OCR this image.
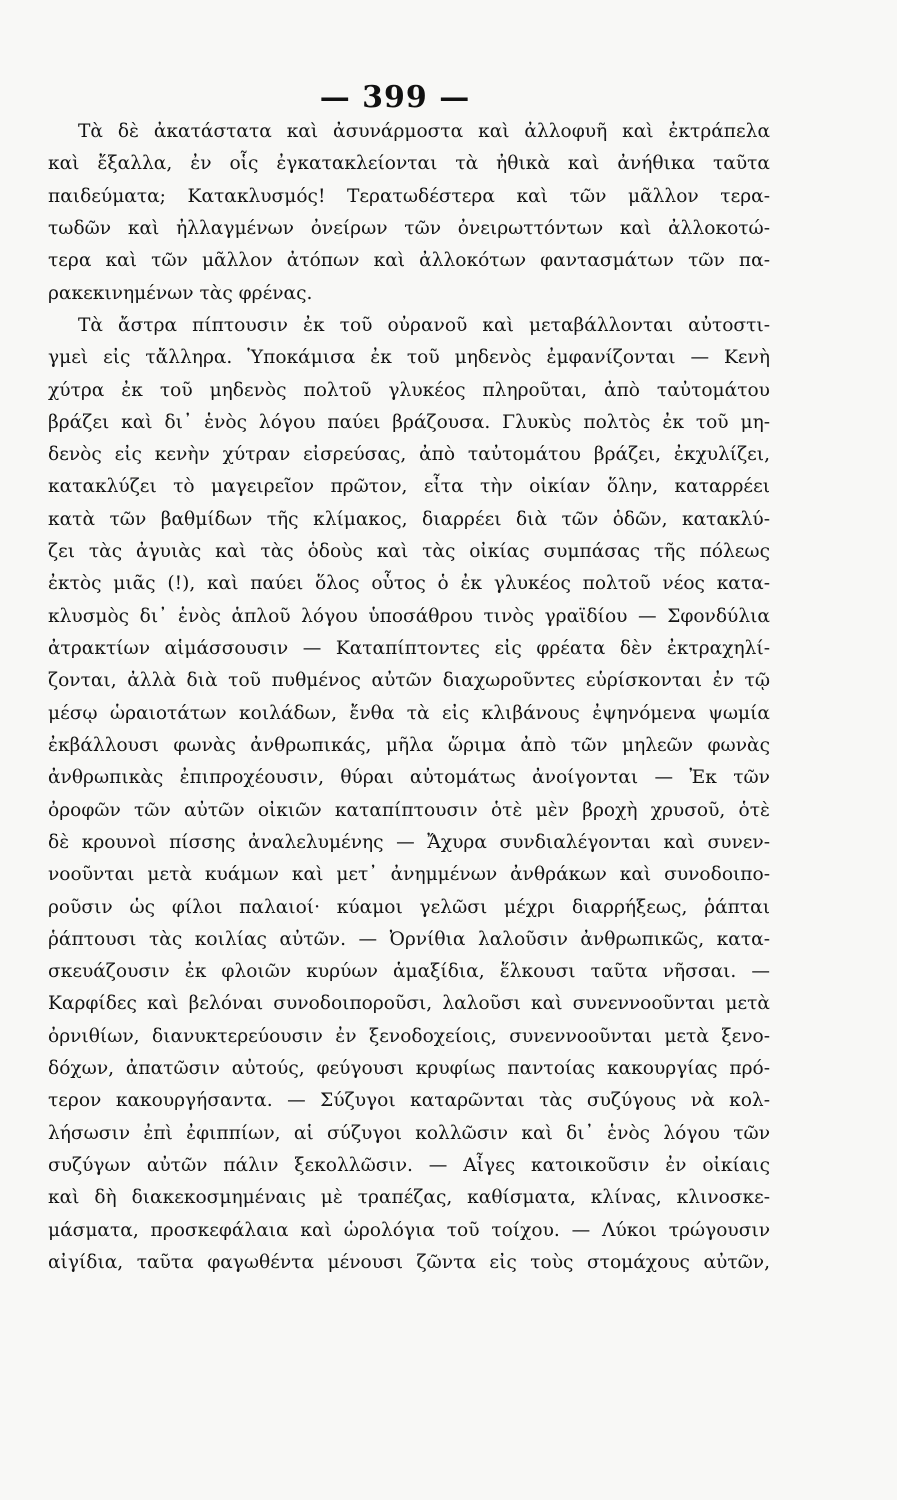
— 399 —
Τὰ δὲ ἀκατάστατα καὶ ἀσυνάρμοστα καὶ ἀλλοφυῆ καὶ ἐκτράπελα
καὶ ἔξαλλα, ἐν οἷς ἐγκατακλείονται τὰ ἠθικὰ καὶ ἀνήθικα ταῦτα
παιδεύματα; Κατακλυσμός! Τερατωδέστερα καὶ τῶν μᾶλλον τερα-
τωδῶν καὶ ἠλλαγμένων ὀνείρων τῶν ὀνειρωττόντων καὶ ἀλλοκοτώ-
τερα καὶ τῶν μᾶλλον ἀτόπων καὶ ἀλλοκότων φαντασμάτων τῶν πα-
ρακεκινημένων τὰς φρένας.
Τὰ ἄστρα πίπτουσιν ἐκ τοῦ οὐρανοῦ καὶ μεταβάλλονται αὐτοστι-
γμεὶ εἰς τἄλληρα. Ὑποκάμισα ἐκ τοῦ μηδενὸς ἐμφανίζονται — Κενὴ
χύτρα ἐκ τοῦ μηδενὸς πολτοῦ γλυκέος πληροῦται, ἀπὸ ταὐτομάτου
βράζει καὶ δι᾽ ἑνὸς λόγου παύει βράζουσα. Γλυκὺς πολτὸς ἐκ τοῦ μη-
δενὸς εἰς κενὴν χύτραν εἰσρεύσας, ἀπὸ ταὐτομάτου βράζει, ἐκχυλίζει,
κατακλύζει τὸ μαγειρεῖον πρῶτον, εἶτα τὴν οἰκίαν ὅλην, καταρρέει
κατὰ τῶν βαθμίδων τῆς κλίμακος, διαρρέει διὰ τῶν ὁδῶν, κατακλύ-
ζει τὰς ἀγυιὰς καὶ τὰς ὁδοὺς καὶ τὰς οἰκίας συμπάσας τῆς πόλεως
ἐκτὸς μιᾶς (!), καὶ παύει ὅλος οὗτος ὁ ἐκ γλυκέος πολτοῦ νέος κατα-
κλυσμὸς δι᾽ ἑνὸς ἁπλοῦ λόγου ὑποσάθρου τινὸς γραϊδίου — Σφονδύλια
ἀτρακτίων αἱμάσσουσιν — Καταπίπτοντες εἰς φρέατα δὲν ἐκτραχηλί-
ζονται, ἀλλὰ διὰ τοῦ πυθμένος αὐτῶν διαχωροῦντες εὑρίσκονται ἐν τῷ
μέσῳ ὡραιοτάτων κοιλάδων, ἔνθα τὰ εἰς κλιβάνους ἐψηνόμενα ψωμία
ἐκβάλλουσι φωνὰς ἀνθρωπικάς, μῆλα ὥριμα ἀπὸ τῶν μηλεῶν φωνὰς
ἀνθρωπικὰς ἐπιπροχέουσιν, θύραι αὐτομάτως ἀνοίγονται — Ἐκ τῶν
ὀροφῶν τῶν αὐτῶν οἰκιῶν καταπίπτουσιν ὁτὲ μὲν βροχὴ χρυσοῦ, ὁτὲ
δὲ κρουνοὶ πίσσης ἀναλελυμένης — Ἄχυρα συνδιαλέγονται καὶ συνεν-
νοοῦνται μετὰ κυάμων καὶ μετ᾽ ἀνημμένων ἀνθράκων καὶ συνοδοιπο-
ροῦσιν ὡς φίλοι παλαιοί· κύαμοι γελῶσι μέχρι διαρρήξεως, ῥάπται
ῥάπτουσι τὰς κοιλίας αὐτῶν. — Ὀρνίθια λαλοῦσιν ἀνθρωπικῶς, κατα-
σκευάζουσιν ἐκ φλοιῶν κυρύων ἁμαξίδια, ἕλκουσι ταῦτα νῆσσαι. —
Καρφίδες καὶ βελόναι συνοδοιποροῦσι, λαλοῦσι καὶ συνεννοοῦνται μετὰ
ὀρνιθίων, διανυκτερεύουσιν ἐν ξενοδοχείοις, συνεννοοῦνται μετὰ ξενο-
δόχων, ἀπατῶσιν αὐτούς, φεύγουσι κρυφίως παντοίας κακουργίας πρό-
τερον κακουργήσαντα. — Σύζυγοι καταρῶνται τὰς συζύγους νὰ κολ-
λήσωσιν ἐπὶ ἐφιππίων, αἱ σύζυγοι κολλῶσιν καὶ δι᾽ ἑνὸς λόγου τῶν
συζύγων αὐτῶν πάλιν ξεκολλῶσιν. — Αἶγες κατοικοῦσιν ἐν οἰκίαις
καὶ δὴ διακεκοσμημέναις μὲ τραπέζας, καθίσματα, κλίνας, κλινοσκε-
μάσματα, προσκεφάλαια καὶ ὡρολόγια τοῦ τοίχου. — Λύκοι τρώγουσιν
αἰγίδια, ταῦτα φαγωθέντα μένουσι ζῶντα εἰς τοὺς στομάχους αὐτῶν,
